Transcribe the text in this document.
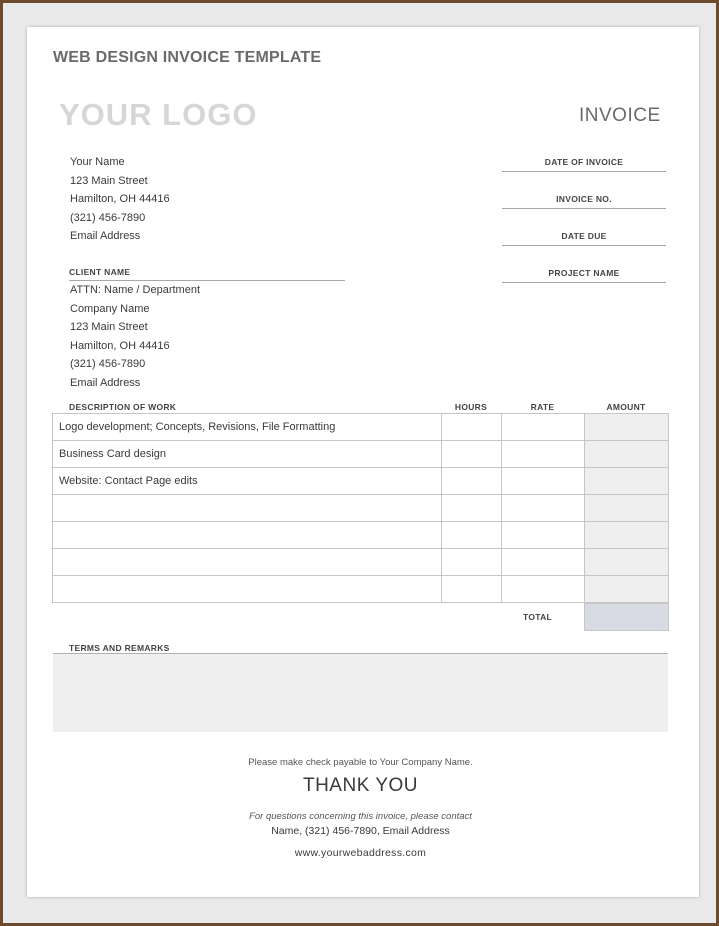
WEB DESIGN INVOICE TEMPLATE
YOUR LOGO	INVOICE
Your Name
123 Main Street
Hamilton, OH 44416
(321) 456-7890
Email Address
DATE OF INVOICE
INVOICE NO.
DATE DUE
PROJECT NAME
CLIENT NAME
ATTN: Name / Department
Company Name
123 Main Street
Hamilton, OH 44416
(321) 456-7890
Email Address
DESCRIPTION OF WORK	HOURS	RATE	AMOUNT
Logo development; Concepts, Revisions, File Formatting			
Business Card design			
Website: Contact Page edits			

TOTAL
TERMS AND REMARKS
Please make check payable to Your Company Name.
THANK YOU
For questions concerning this invoice, please contact
Name, (321) 456-7890, Email Address
www.yourwebaddress.com
